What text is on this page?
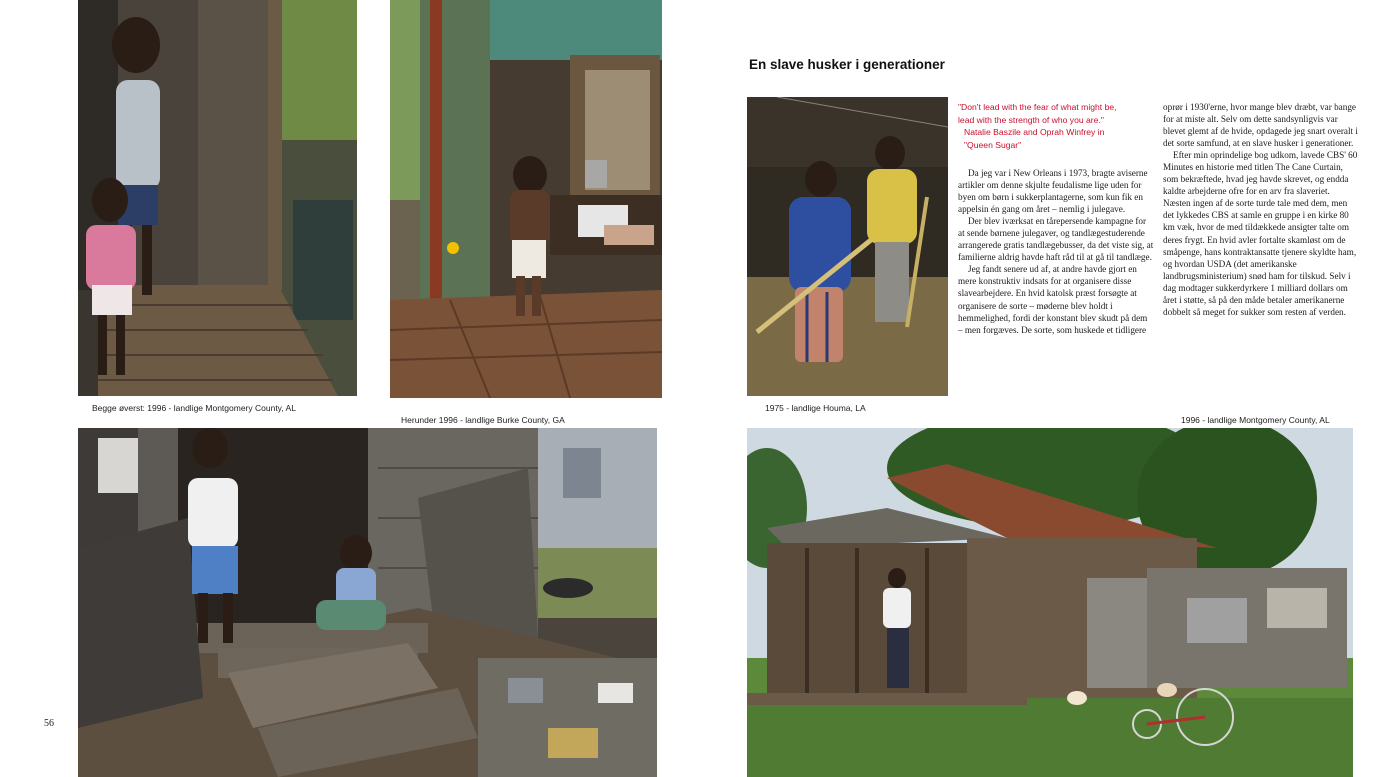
Begge øverst: 1996 - landlige Montgomery County, AL
Herunder 1996 - landlige Burke County, GA
56
En slave husker i generationer
1975 - landlige Houma, LA
"Don't lead with the fear of what might be,
lead with the strength of who you are."
Natalie Baszile and Oprah Winfrey in
"Queen Sugar"

Da jeg var i New Orleans i 1973, bragte aviserne artikler om denne skjulte feudalisme lige uden for byen om børn i sukkerplantagerne, som kun fik en appelsin én gang om året – nemlig i julegave.

Der blev iværksat en tårepersende kampagne for at sende børnene julegaver, og tandlægestuderende arrangerede gratis tandlægebusser, da det viste sig, at familierne aldrig havde haft råd til at gå til tandlæge.

Jeg fandt senere ud af, at andre havde gjort en mere konstruktiv indsats for at organisere disse slavearbejdere. En hvid katolsk præst forsøgte at organisere de sorte – møderne blev holdt i hemmelighed, fordi der konstant blev skudt på dem – men forgæves. De sorte, som huskede et tidligere

oprør i 1930'erne, hvor mange blev dræbt, var bange for at miste alt. Selv om dette sandsynligvis var blevet glemt af de hvide, opdagede jeg snart overalt i det sorte samfund, at en slave husker i generationer.

Efter min oprindelige bog udkom, lavede CBS' 60 Minutes en historie med titlen The Cane Curtain, som bekræftede, hvad jeg havde skrevet, og endda kaldte arbejderne ofre for en arv fra slaveriet. Næsten ingen af de sorte turde tale med dem, men det lykkedes CBS at samle en gruppe i en kirke 80 km væk, hvor de med tildækkede ansigter talte om deres frygt. En hvid avler fortalte skamløst om de småpenge, hans kontraktansatte tjenere skyldte ham, og hvordan USDA (det amerikanske landbrugsministerium) snød ham for tilskud. Selv i dag modtager sukkerdyrkere 1 milliard dollars om året i støtte, så på den måde betaler amerikanerne dobbelt så meget for sukker som resten af verden.

1996 - landlige Montgomery County, AL
